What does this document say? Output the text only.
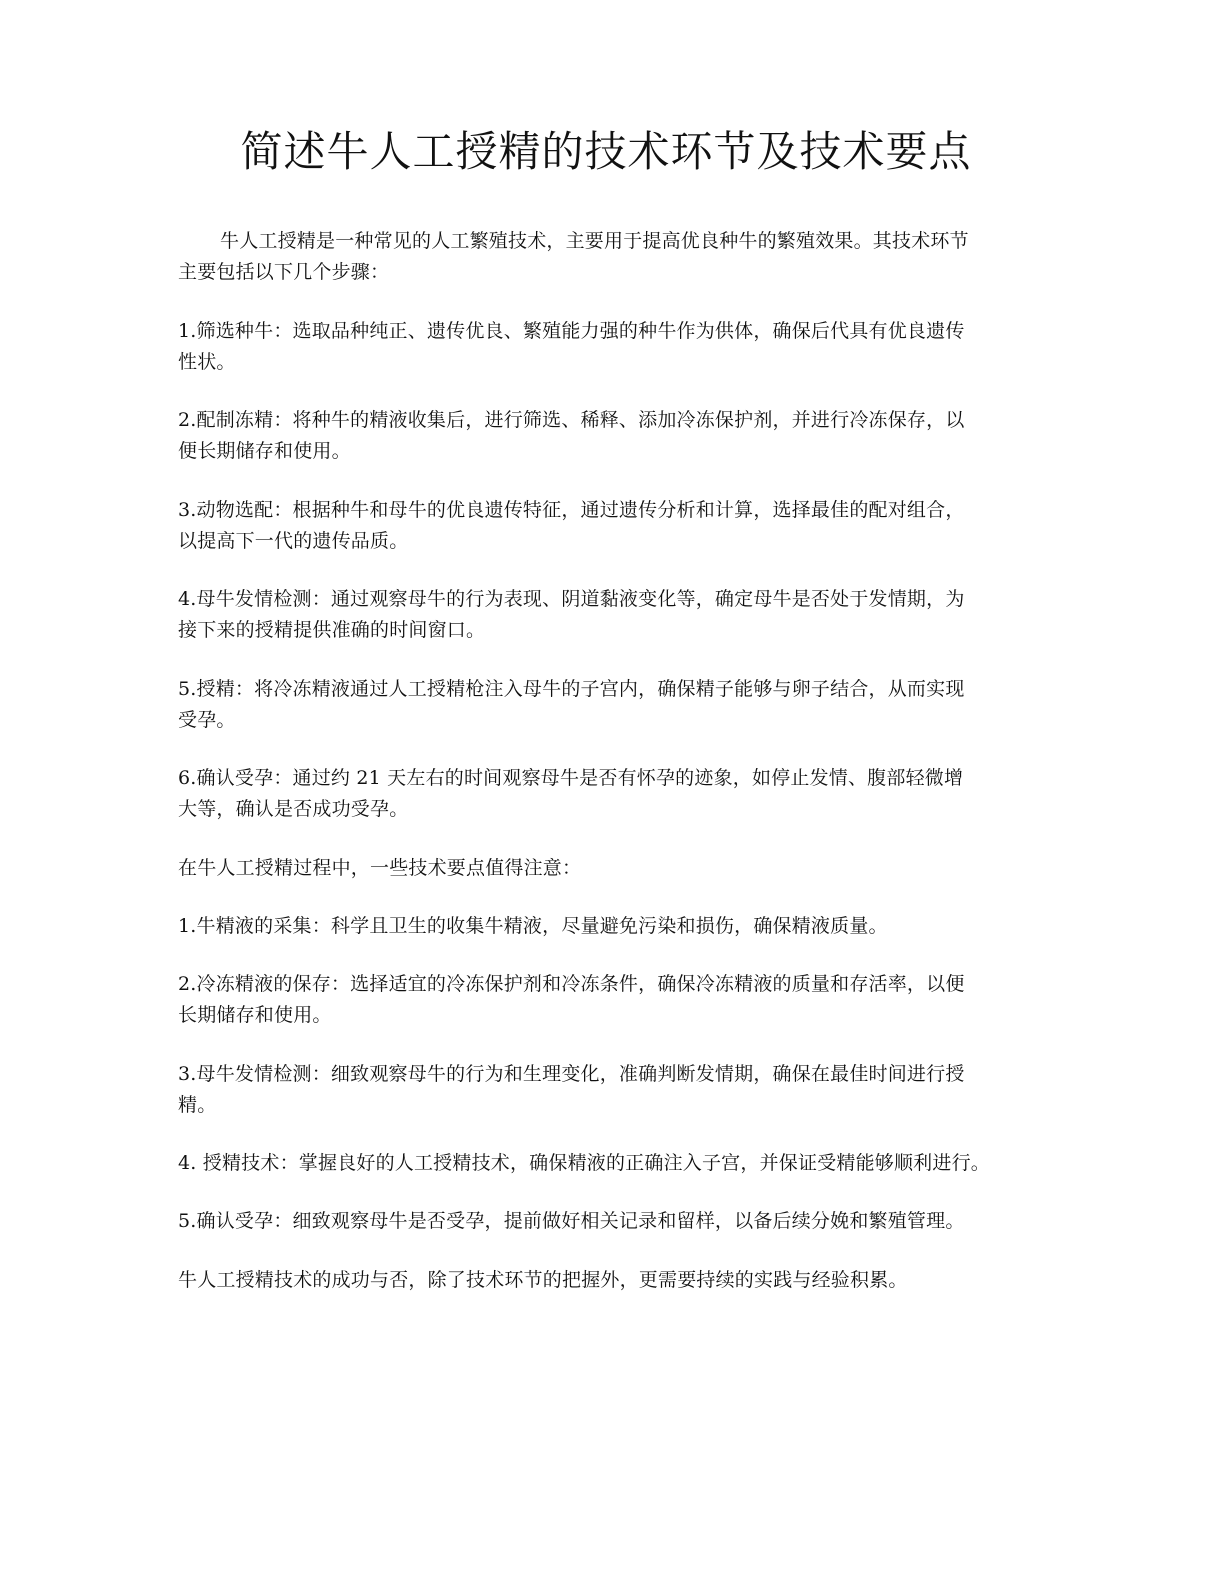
简述牛人工授精的技术环节及技术要点
牛人工授精是一种常见的人工繁殖技术，主要用于提高优良种牛的繁殖效果。其技术环节
主要包括以下几个步骤：
1.筛选种牛：选取品种纯正、遗传优良、繁殖能力强的种牛作为供体，确保后代具有优良遗传
性状。
2.配制冻精：将种牛的精液收集后，进行筛选、稀释、添加冷冻保护剂，并进行冷冻保存，以
便长期储存和使用。
3.动物选配：根据种牛和母牛的优良遗传特征，通过遗传分析和计算，选择最佳的配对组合，
以提高下一代的遗传品质。
4.母牛发情检测：通过观察母牛的行为表现、阴道黏液变化等，确定母牛是否处于发情期，为
接下来的授精提供准确的时间窗口。
5.授精：将冷冻精液通过人工授精枪注入母牛的子宫内，确保精子能够与卵子结合，从而实现
受孕。
6.确认受孕：通过约 21 天左右的时间观察母牛是否有怀孕的迹象，如停止发情、腹部轻微增
大等，确认是否成功受孕。
在牛人工授精过程中，一些技术要点值得注意：
1.牛精液的采集：科学且卫生的收集牛精液，尽量避免污染和损伤，确保精液质量。
2.冷冻精液的保存：选择适宜的冷冻保护剂和冷冻条件，确保冷冻精液的质量和存活率，以便
长期储存和使用。
3.母牛发情检测：细致观察母牛的行为和生理变化，准确判断发情期，确保在最佳时间进行授
精。
4. 授精技术：掌握良好的人工授精技术，确保精液的正确注入子宫，并保证受精能够顺利进行。
5.确认受孕：细致观察母牛是否受孕，提前做好相关记录和留样，以备后续分娩和繁殖管理。
牛人工授精技术的成功与否，除了技术环节的把握外，更需要持续的实践与经验积累。
